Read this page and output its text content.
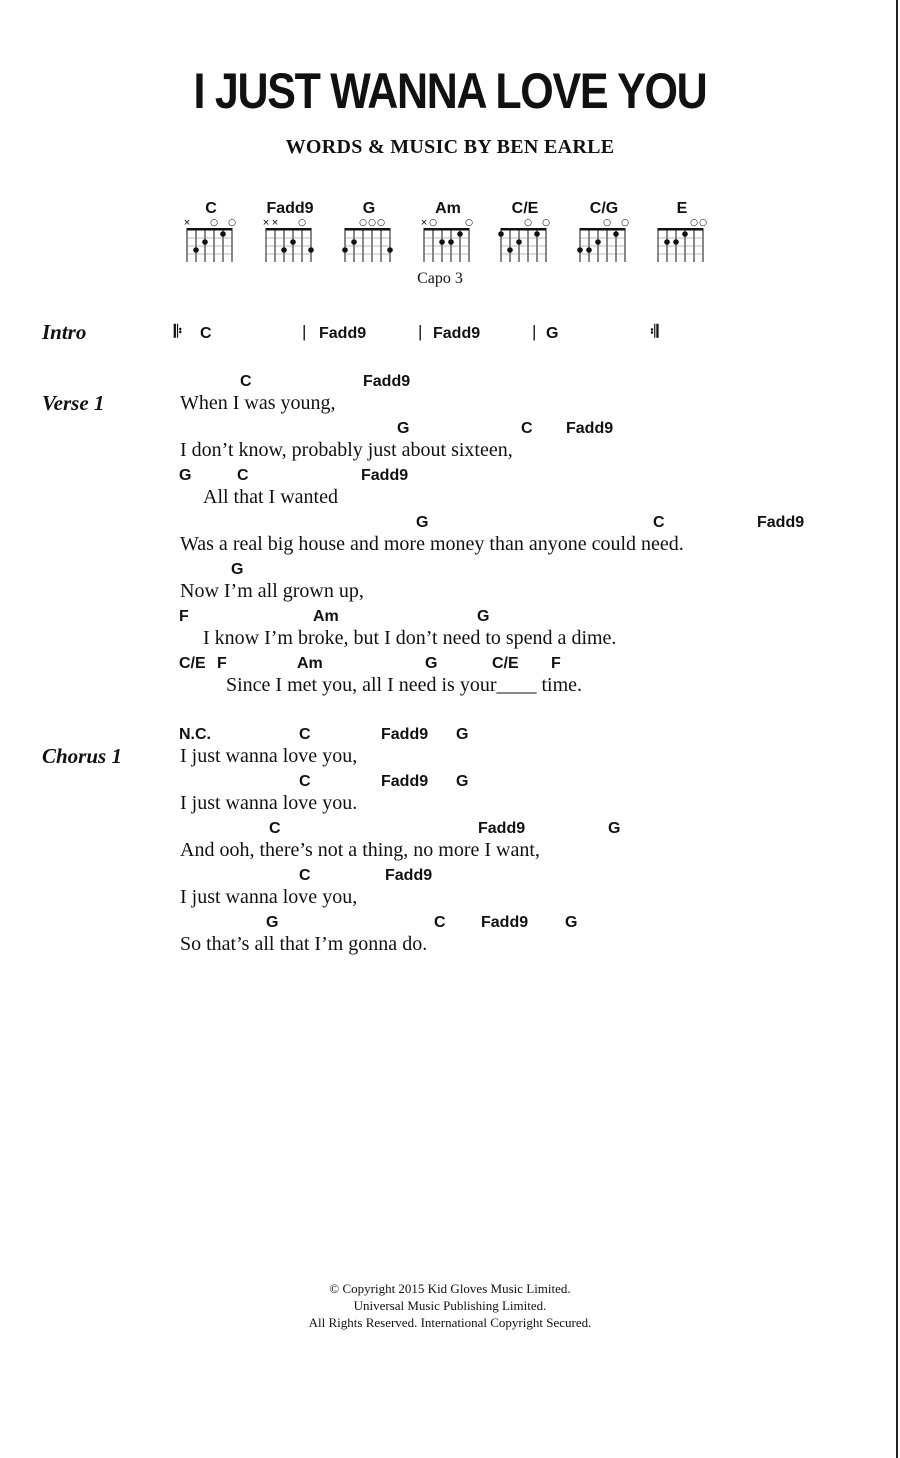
I JUST WANNA LOVE YOU
WORDS & MUSIC BY BEN EARLE
C
× ○ ○
Fadd9
× × ○
G
○ ○ ○
Am
× ○	○
C/E
○ ○
C/G
○ ○
E
○ ○
Capo 3
Intro	𝄆 C	| Fadd9	| Fadd9	| G	𝄇
Verse 1
C	Fadd9
When I was young,
G	C Fadd9
I don’t know, probably just about sixteen,
G	C	Fadd9
All that I wanted
G	C	Fadd9
Was a real big house and more money than anyone could need.
G
Now I’m all grown up,
F	Am	G
I know I’m broke, but I don’t need to spend a dime.
C/E F	Am	G	C/E F
Since I met you, all I need is your____ time.
Chorus 1
N.C.	C	Fadd9 G
I just wanna love you,
C	Fadd9 G
I just wanna love you.
C	Fadd9	G
And ooh, there’s not a thing, no more I want,
C	Fadd9
I just wanna love you,
G	C Fadd9 G
So that’s all that I’m gonna do.
© Copyright 2015 Kid Gloves Music Limited.
Universal Music Publishing Limited.
All Rights Reserved. International Copyright Secured.
